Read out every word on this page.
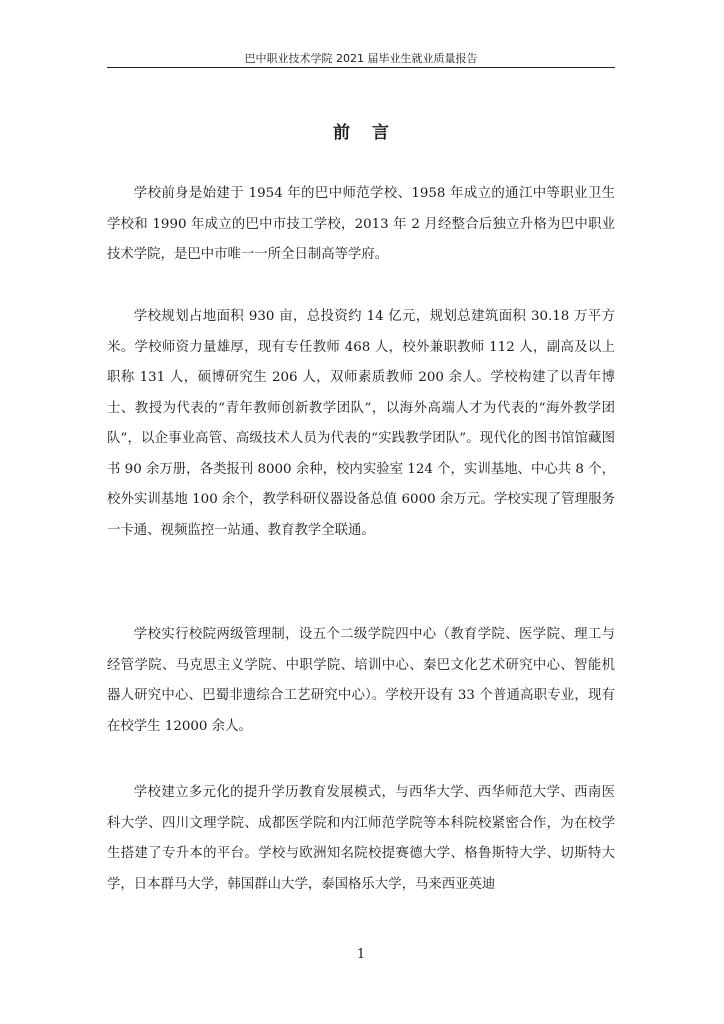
巴中职业技术学院 2021 届毕业生就业质量报告
前 言

学校前身是始建于 1954 年的巴中师范学校、1958 年成立的通江中等职业卫生学校和 1990 年成立的巴中市技工学校，2013 年 2 月经整合后独立升格为巴中职业技术学院，是巴中市唯一一所全日制高等学府。

学校规划占地面积 930 亩，总投资约 14 亿元，规划总建筑面积 30.18 万平方米。学校师资力量雄厚，现有专任教师 468 人，校外兼职教师 112 人，副高及以上职称 131 人，硕博研究生 206 人，双师素质教师 200 余人。学校构建了以青年博士、教授为代表的“青年教师创新教学团队”，以海外高端人才为代表的“海外教学团队”，以企事业高管、高级技术人员为代表的“实践教学团队”。现代化的图书馆馆藏图书 90 余万册，各类报刊 8000 余种，校内实验室 124 个，实训基地、中心共 8 个，校外实训基地 100 余个，教学科研仪器设备总值 6000 余万元。学校实现了管理服务一卡通、视频监控一站通、教育教学全联通。

学校实行校院两级管理制，设五个二级学院四中心（教育学院、医学院、理工与经管学院、马克思主义学院、中职学院、培训中心、秦巴文化艺术研究中心、智能机器人研究中心、巴蜀非遗综合工艺研究中心）。学校开设有 33 个普通高职专业，现有在校学生 12000 余人。

学校建立多元化的提升学历教育发展模式，与西华大学、西华师范大学、西南医科大学、四川文理学院、成都医学院和内江师范学院等本科院校紧密合作，为在校学生搭建了专升本的平台。学校与欧洲知名院校提赛德大学、格鲁斯特大学、切斯特大学，日本群马大学，韩国群山大学，泰国格乐大学，马来西亚英迪

1
